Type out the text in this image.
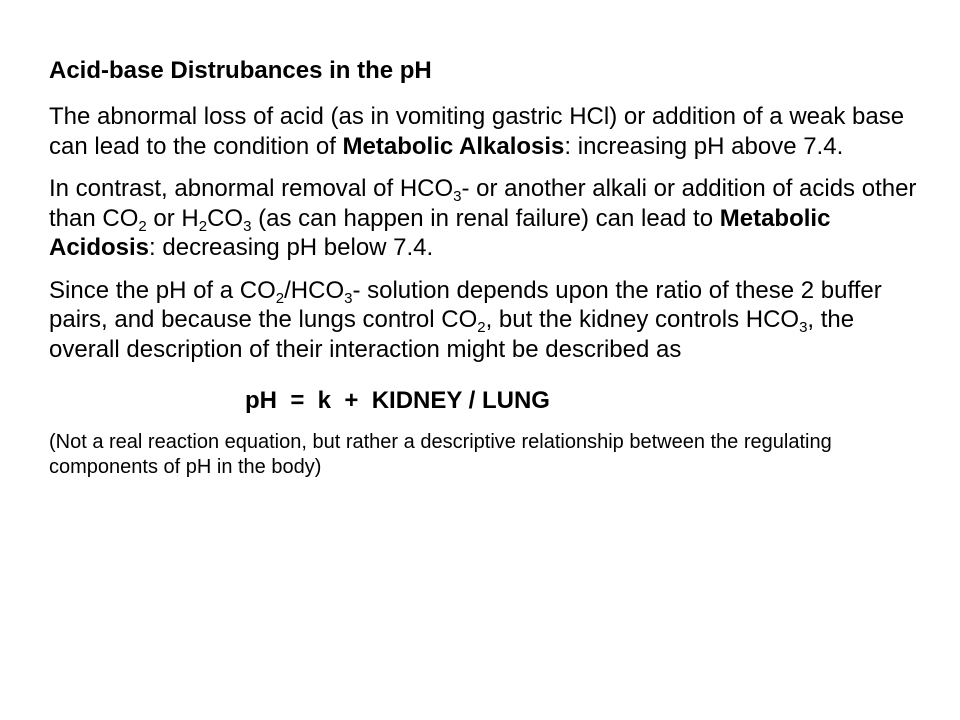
Acid-base Distrubances in the pH

The abnormal loss of acid (as in vomiting gastric HCl) or addition of a weak base can lead to the condition of Metabolic Alkalosis: increasing pH above 7.4.

In contrast, abnormal removal of $HCO_3-$ or another alkali or addition of acids other than $CO_2$ or $H_2CO_3$ (as can happen in renal failure) can lead to Metabolic Acidosis: decreasing pH below 7.4.

Since the pH of a $CO_2/HCO_3-$ solution depends upon the ratio of these 2 buffer pairs, and because the lungs control $CO_2$, but the kidney controls $HCO_3$, the overall description of their interaction might be described as

pH  =  k  +  KIDNEY / LUNG

(Not a real reaction equation, but rather a descriptive relationship between the regulating components of pH in the body)
